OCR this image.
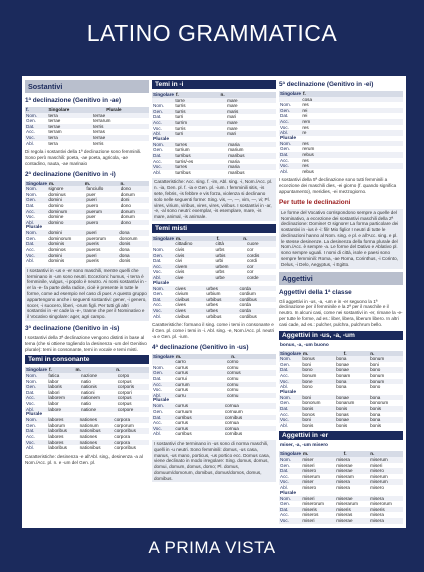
LATINO GRAMMATICA
Sostantivi
1ª declinazione (Genitivo in -ae)
f.	Singolare	Plurale
Nom.	terra	terrae
Gen.	terrae	terrarum
Dat.	terrae	terris
Acc.	terram	terras
Voc.	terra	terrae
Abl.	terra	terris
Di regola i sostantivi della 1ª declinazione sono femminili. Sono però maschili: poeta, -ae poeta, agricola, -ae contadino, nauta, -ae marinaio
2ª declinazione (Genitivo in -i)
Singolare	m.	m.	n.
Nom.	signore	fanciullo	dono
Nom.	dominus	puer	donum
Gen.	domini	pueri	doni
Dat.	domino	puero	dono
Acc.	dominum	puerum	donum
Voc.	domine	puer	donum
Abl.	domino	puero	dono
Plurale
Nom.	domini	pueri	dona
Gen.	dominorum	puerorum	donorum
Dat.	dominis	pueris	donis
Acc.	dominos	pueros	dona
Voc.	domini	pueri	dona
Abl.	dominis	pueris	donis
I sostantivi in -us e -er sono maschili, mentre quelli che terminano in -um sono neutri. Eccezioni: humus, -i terra è femminile, vulgus, -i popolo è neutro. Ai nomi sostantivi in -er la -e- fa parte della radice, cioè è presente in tutte le forme, come ad esempio nel caso di puer. A questo gruppo appartengono anche i seguenti sostantivi: gener, -i genero, socer, -i suocero, liberi, -orum figli. Per tutti gli altri sostantivi in -er cade la -e-, tranne che per il Nominativo e il Vocativo singolare: ager, agri campo.
3ª declinazione (Genitivo in -is)
I sostantivi della 3ª declinazione vengono distinti in base al tema (che si ottiene togliendo la desinenza -um del Genitivo plurale): temi in consonante, temi in vocale e temi misti.
Temi in consonante
Singolare	f.	m.	n.
Nom.	fatica	nazione	corpo
Nom.	labor	natio	corpus
Gen.	laboris	nationis	corporis
Dat.	labori	nationi	corpori
Acc.	laborem	nationem	corpus
Voc.	labor	natio	corpus
Abl.	labore	natione	corpore
Plurale
Nom.	labores	nationes	corpora
Gen.	laborum	nationum	corporum
Dat.	laboribus	nationibus	corporibus
Acc.	labores	nationes	corpora
Voc.	labores	nationes	corpora
Abl.	laboribus	nationibus	corporibus
Caratteristiche: desinenza -e all'Abl. sing., desinenza -a al Nom./Acc. pl. n. e -um del Gen. pl.
Temi in -i
Singolare	f.	n.
	torre	mare
Nom.	turris	mare
Gen.	turris	maris
Dat.	turri	mari
Acc.	turrim	mare
Voc.	turris	mare
Abl.	turri	mari
Plurale
Nom.	turres	maria
Gen.	turrium	marium
Dat.	turribus	maribus
Acc.	turris/-es	maria
Voc.	turres	maria
Abl.	turribus	maribus
Caratteristiche: Acc. sing. f. -im, Abl. sing. -i, Nom./Acc. pl. n. -ia, Gen. pl. f. -ia e Gen. pl. -ium. I femminili sitis, -is sete, febris, -is febbre e vis forza, violenza si declinano solo nelle seguenti forme: Sing. vis, —, —, vim, —, vi; Pl. vires, virium, viribus, vires, vires, viribus. I sostantivi in -ar, -e, -al sono neutri: exemplar, -is esemplare, mare, -is mare, animal, -is animale.
Temi misti
Singolare	m.	f.	n.
	cittadino	città	cuore
Nom.	civis	urbs	cor
Gen.	civis	urbis	cordis
Dat.	civi	urbi	cordi
Acc.	civem	urbem	cor
Voc.	civis	urbs	cor
Abl.	cive	urbe	corde
Plurale
Nom.	cives	urbes	corda
Gen.	civium	urbium	cordium
Dat.	civibus	urbibus	cordibus
Acc.	cives	urbes	corda
Voc.	cives	urbes	corda
Abl.	civibus	urbibus	cordibus
Caratteristiche: formano il sing. come i temi in consonante e il Gen. pl. come i temi in -i. Abl. sing. -e, Nom./Acc. pl. neutri -a e Gen. pl. -ium.
4ª declinazione (Genitivo in -us)
Singolare	m.	n.
	carro	corno
Nom.	currus	cornu
Gen.	currus	cornus
Dat.	currui	cornu
Acc.	currum	cornu
Voc.	currus	cornu
Abl.	curru	cornu
Plurale
Nom.	currus	cornua
Gen.	curruum	cornuum
Dat.	curribus	cornibus
Acc.	currus	cornua
Voc.	currus	cornua
Abl.	curribus	cornibus
I sostantivi che terminano in -us sono di norma maschili, quelli in -u neutri. Sono femminili: domus, -us casa, manus, -us mano, porticus, -us portico ecc. Domus casa, viene declinato in modo irregolare: Sing. domus, domus, domui, domum, domus, domo; Pl. domus, domuum/domorum, domibus, domus/domos, domus, domibus.
5ª declinazione (Genitivo in -ei)
Singolare	f.
	cosa
Nom.	res
Gen.	rei
Dat.	rei
Acc.	rem
Voc.	res
Abl.	re
Plurale
Nom.	res
Gen.	rerum
Dat.	rebus
Acc.	res
Voc.	res
Abl.	rebus
I sostantivi della 5ª declinazione sono tutti femminili a eccezione dei maschili dies, -ei giorno (f. quando significa appuntamento), meridies, -ei mezzogiorno.
Per tutte le declinazioni
Le forme del Vocativo corrispondono sempre a quelle del Nominativo, a eccezione dei sostantivi maschili della 2ª declinazione: Domine! O signore! La forma particolare dei sostantivi in -ius è -i: fili! Mio figlio! I neutri di tutte le declinazioni hanno al Nom. sing. e pl. e all'Acc. sing. e pl. le stesse desinenze. La desinenza della forma plurale del Nom./Acc. è sempre -a. Le forme del Dativo e Ablativo pl. sono sempre uguali. I nomi di città, isole e paesi sono sempre femminili: Roma, -ae Roma, Corinthus, -i Corinto, Delus, -i Delo, Aegyptus, -i Egitto.
Aggettivi
Aggettivi della 1ª classe
Gli aggettivi in -us, -a, -um e in -er seguono la 1ª declinazione per il femminile e la 2ª per il maschile e il neutro. In alcuni casi, come nei sostantivi in -er, rimane la -e- per tutte le forme, ad es.: liber, libera, liberum libero. In altri casi cade, ad es.: pulcher, pulchra, pulchrum bello.
Aggettivi in -us, -a, -um
bonus, -a, -um buono
Singolare	m.	f.	n.
Nom.	bonus	bona	bonum
Gen.	boni	bonae	boni
Dat.	bono	bonae	bono
Acc.	bonum	bonam	bonum
Voc.	bone	bona	bonum
Abl.	bono	bona	bono
Plurale
Nom.	boni	bonae	bona
Gen.	bonorum	bonarum	bonorum
Dat.	bonis	bonis	bonis
Acc.	bonos	bonas	bona
Voc.	boni	bonae	bona
Abl.	bonis	bonis	bonis
Aggettivi in -er
miser, -a, -um misero
Singolare	m.	f.	n.
Nom.	miser	misera	miserum
Gen.	miseri	miserae	miseri
Dat.	misero	miserae	misero
Acc.	miserum	miseram	miserum
Voc.	miser	misera	miserum
Abl.	misero	misera	misero
Plurale
Nom.	miseri	miserae	misera
Gen.	miserorum	miserarum	miserorum
Dat.	miseris	miseris	miseris
Acc.	miseros	miseras	misera
Voc.	miseri	miserae	misera
A PRIMA VISTA
